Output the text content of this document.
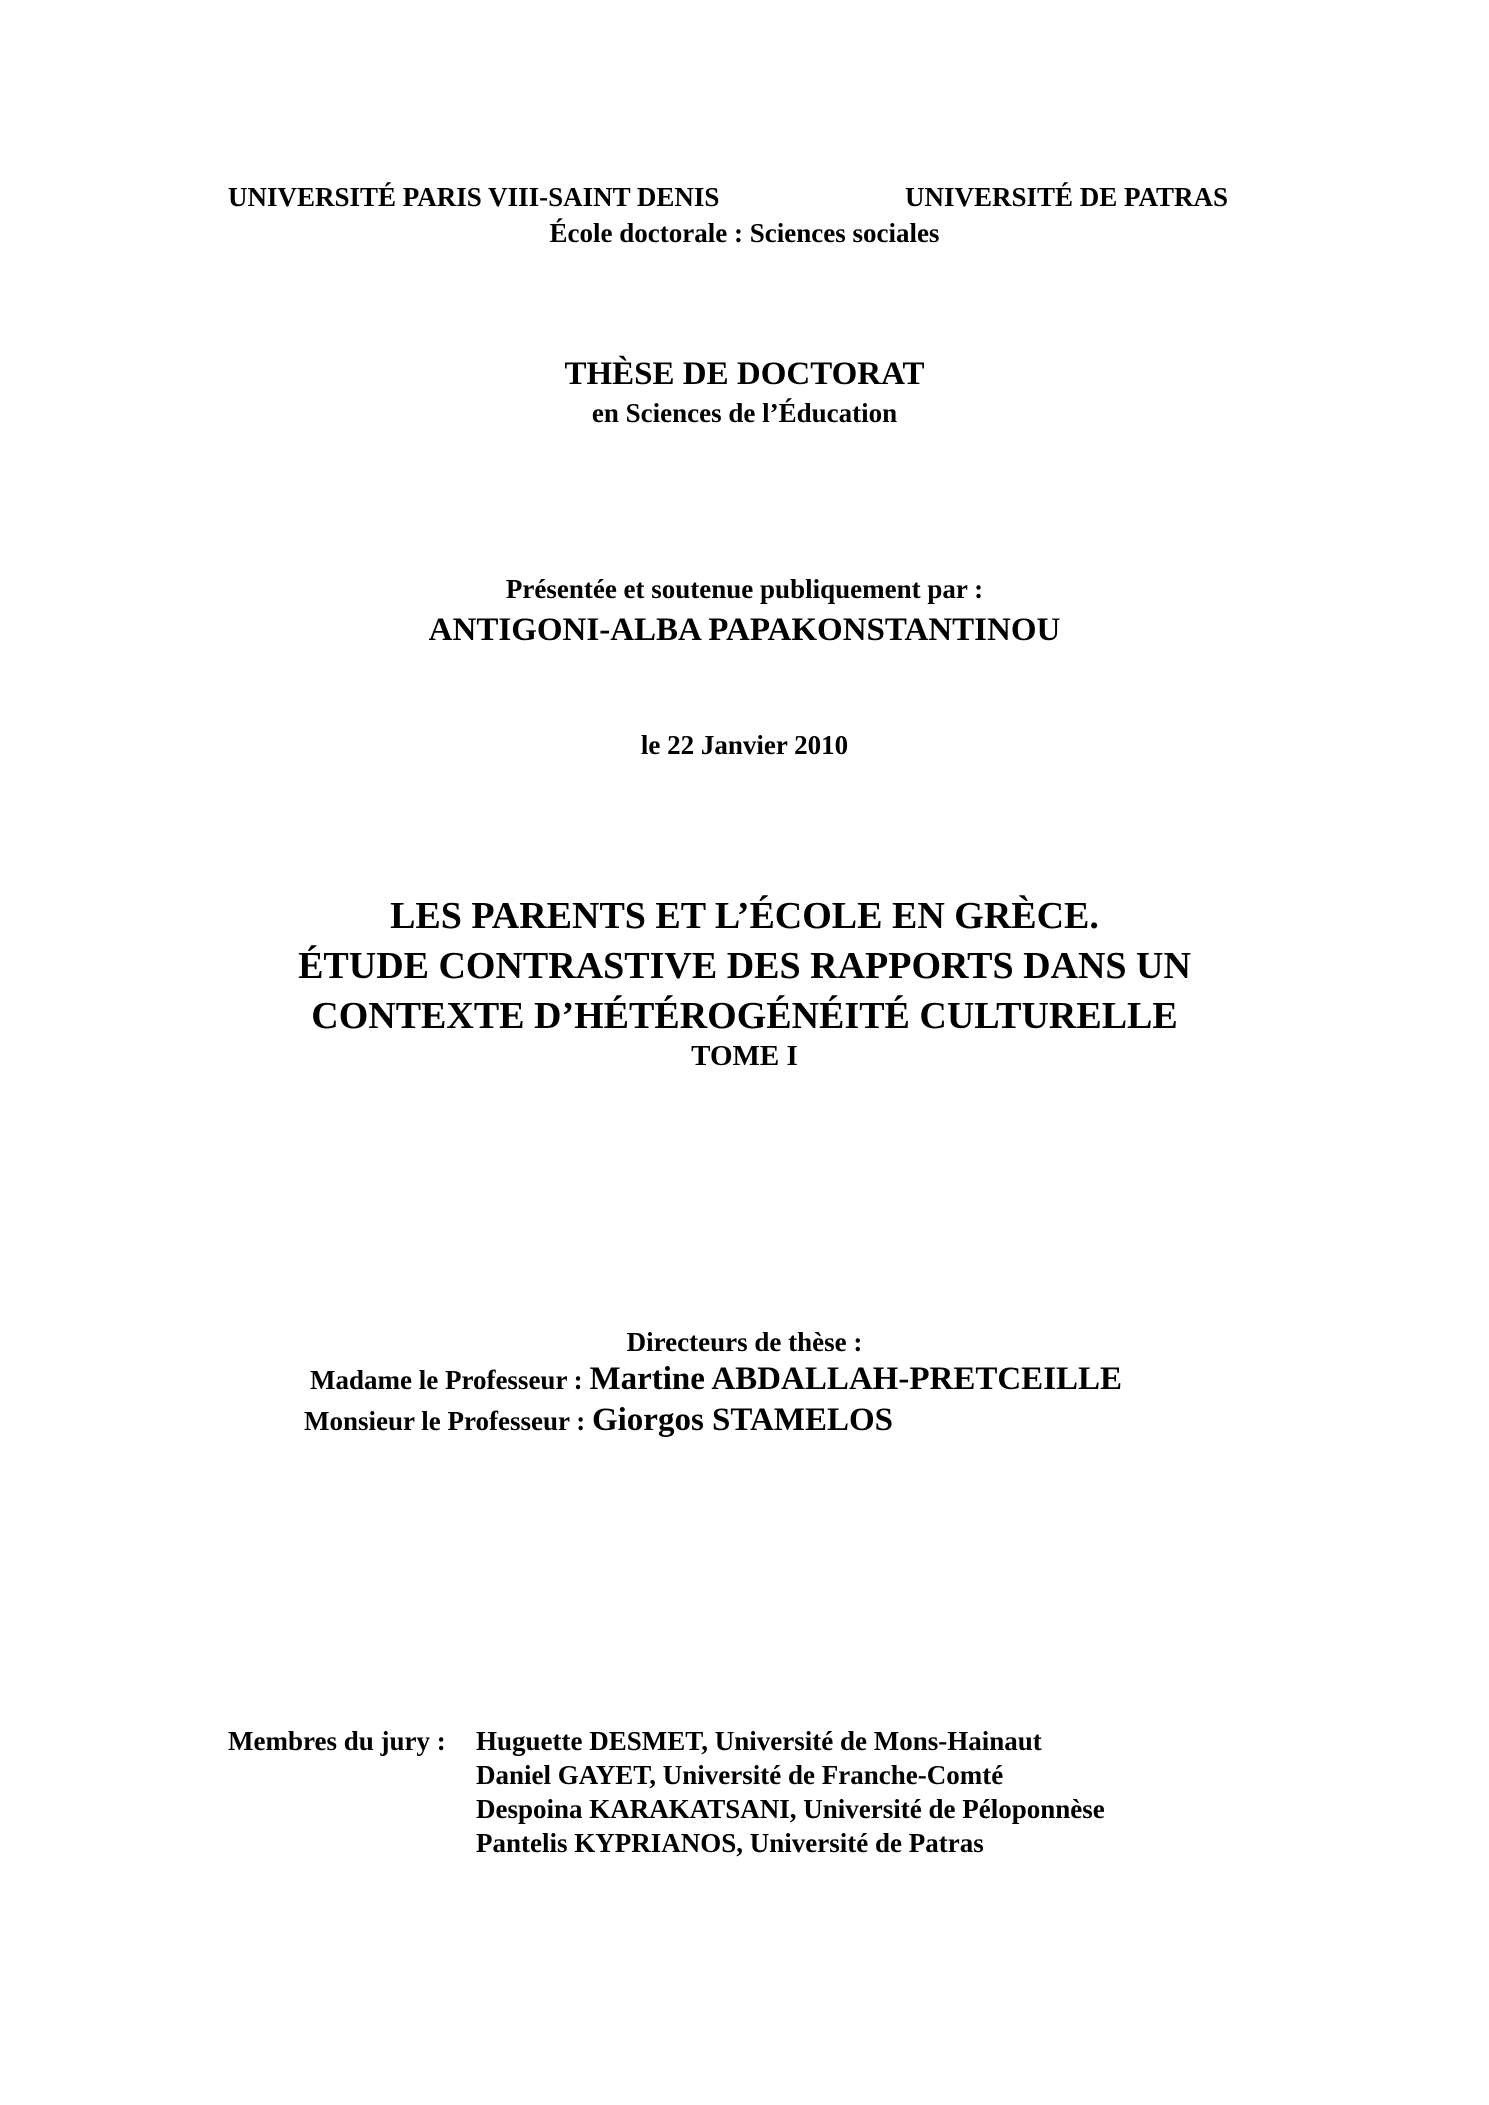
UNIVERSITÉ PARIS VIII-SAINT DENIS	UNIVERSITÉ DE PATRAS
École doctorale : Sciences sociales
THÈSE DE DOCTORAT
en Sciences de l’Éducation
Présentée et soutenue publiquement par :
ANTIGONI-ALBA PAPAKONSTANTINOU
le 22 Janvier 2010
LES PARENTS ET L’ÉCOLE EN GRÈCE.
ÉTUDE CONTRASTIVE DES RAPPORTS DANS UN
CONTEXTE D’HÉTÉROGÉNÉITÉ CULTURELLE
TOME I
Directeurs de thèse :
Madame le Professeur : Martine ABDALLAH-PRETCEILLE
Monsieur le Professeur : Giorgos STAMELOS
Membres du jury : Huguette DESMET, Université de Mons-Hainaut
Daniel GAYET, Université de Franche-Comté
Despoina KARAKATSANI, Université de Péloponnèse
Pantelis KYPRIANOS, Université de Patras
